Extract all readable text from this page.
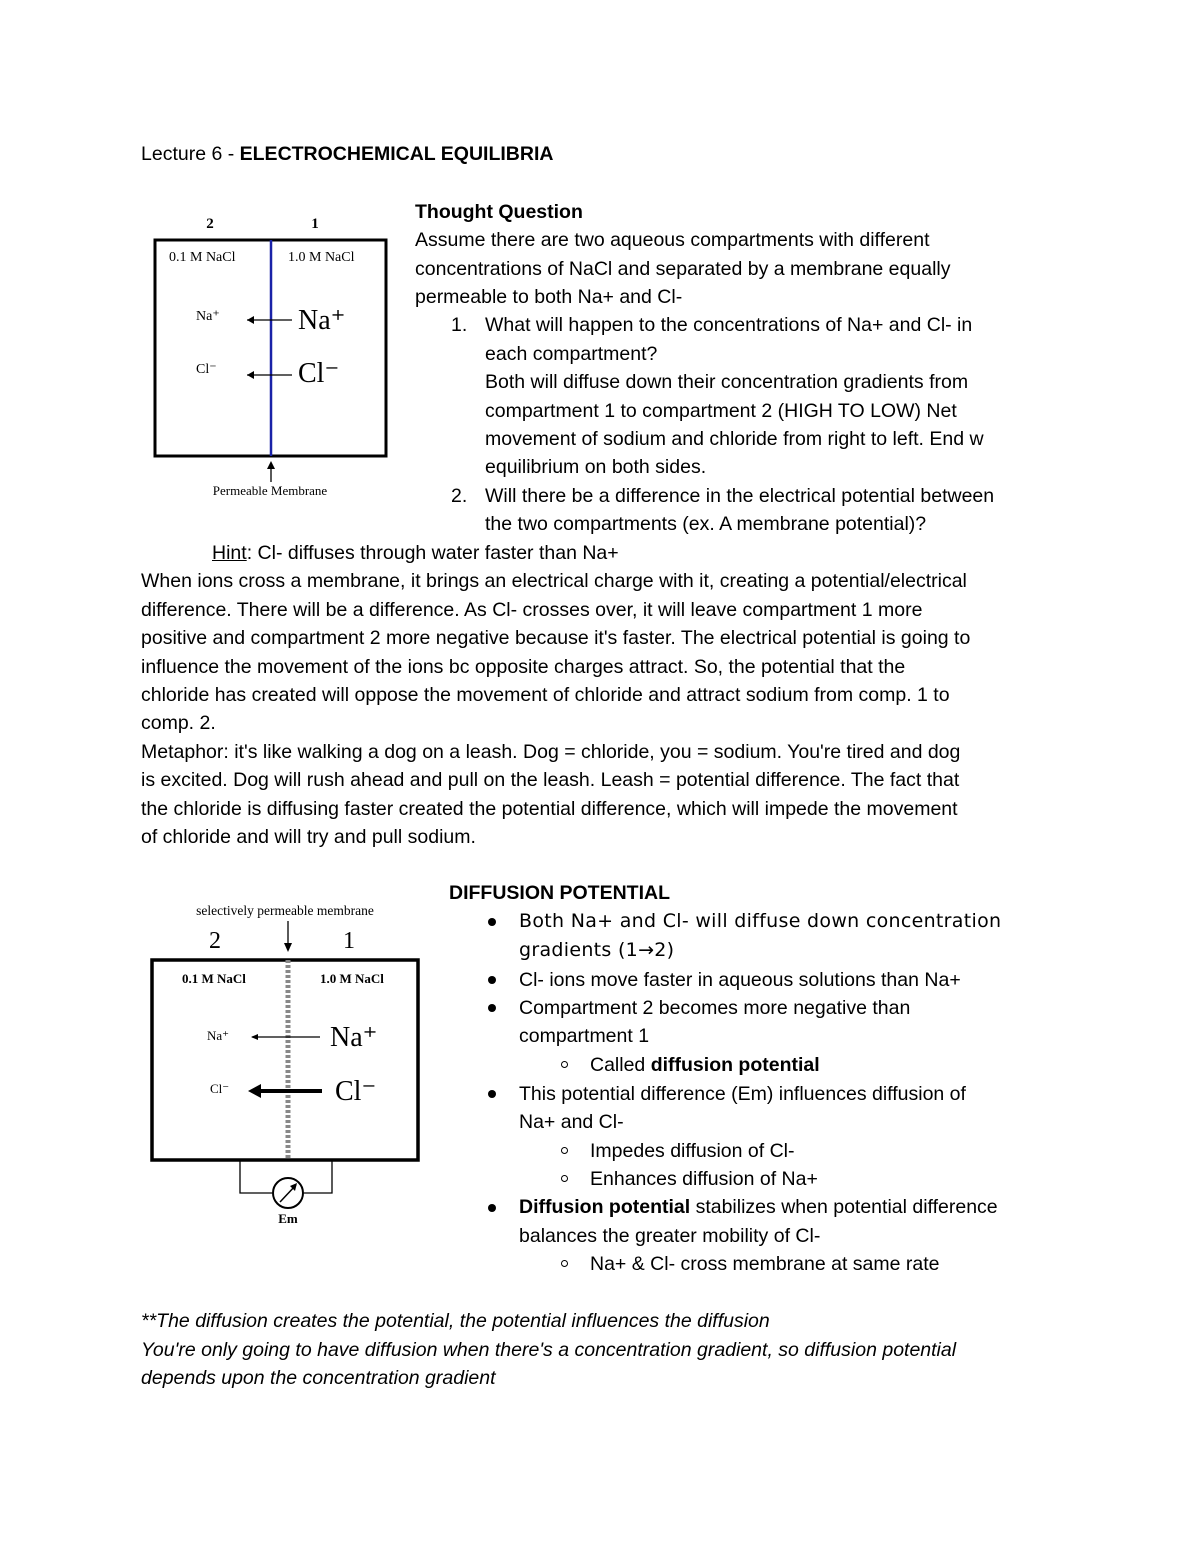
Lecture 6 - ELECTROCHEMICAL EQUILIBRIA
2	1
0.1 M NaCl	1.0 M NaCl
Na⁺
Cl⁻
Na⁺
Cl⁻
Permeable Membrane
Thought Question
Assume there are two aqueous compartments with different
concentrations of NaCl and separated by a membrane equally
permeable to both Na+ and Cl-
1. What will happen to the concentrations of Na+ and Cl- in
each compartment?
Both will diffuse down their concentration gradients from
compartment 1 to compartment 2 (HIGH TO LOW) Net
movement of sodium and chloride from right to left. End w
equilibrium on both sides.
2. Will there be a difference in the electrical potential between
the two compartments (ex. A membrane potential)?
Hint: Cl- diffuses through water faster than Na+
When ions cross a membrane, it brings an electrical charge with it, creating a potential/electrical
difference. There will be a difference. As Cl- crosses over, it will leave compartment 1 more
positive and compartment 2 more negative because it's faster. The electrical potential is going to
influence the movement of the ions bc opposite charges attract. So, the potential that the
chloride has created will oppose the movement of chloride and attract sodium from comp. 1 to
comp. 2.
Metaphor: it's like walking a dog on a leash. Dog = chloride, you = sodium. You're tired and dog
is excited. Dog will rush ahead and pull on the leash. Leash = potential difference. The fact that
the chloride is diffusing faster created the potential difference, which will impede the movement
of chloride and will try and pull sodium.
selectively permeable membrane
2	1
0.1 M NaCl	1.0 M NaCl
Na⁺
Cl⁻
Na⁺
Cl⁻
Em
DIFFUSION POTENTIAL
Both Na+ and Cl- will diffuse down concentration
gradients (1→2)
Cl- ions move faster in aqueous solutions than Na+
Compartment 2 becomes more negative than
compartment 1
Called diffusion potential
This potential difference (Em) influences diffusion of
Na+ and Cl-
Impedes diffusion of Cl-
Enhances diffusion of Na+
Diffusion potential stabilizes when potential difference
balances the greater mobility of Cl-
Na+ & Cl- cross membrane at same rate
**The diffusion creates the potential, the potential influences the diffusion
You're only going to have diffusion when there's a concentration gradient, so diffusion potential
depends upon the concentration gradient
